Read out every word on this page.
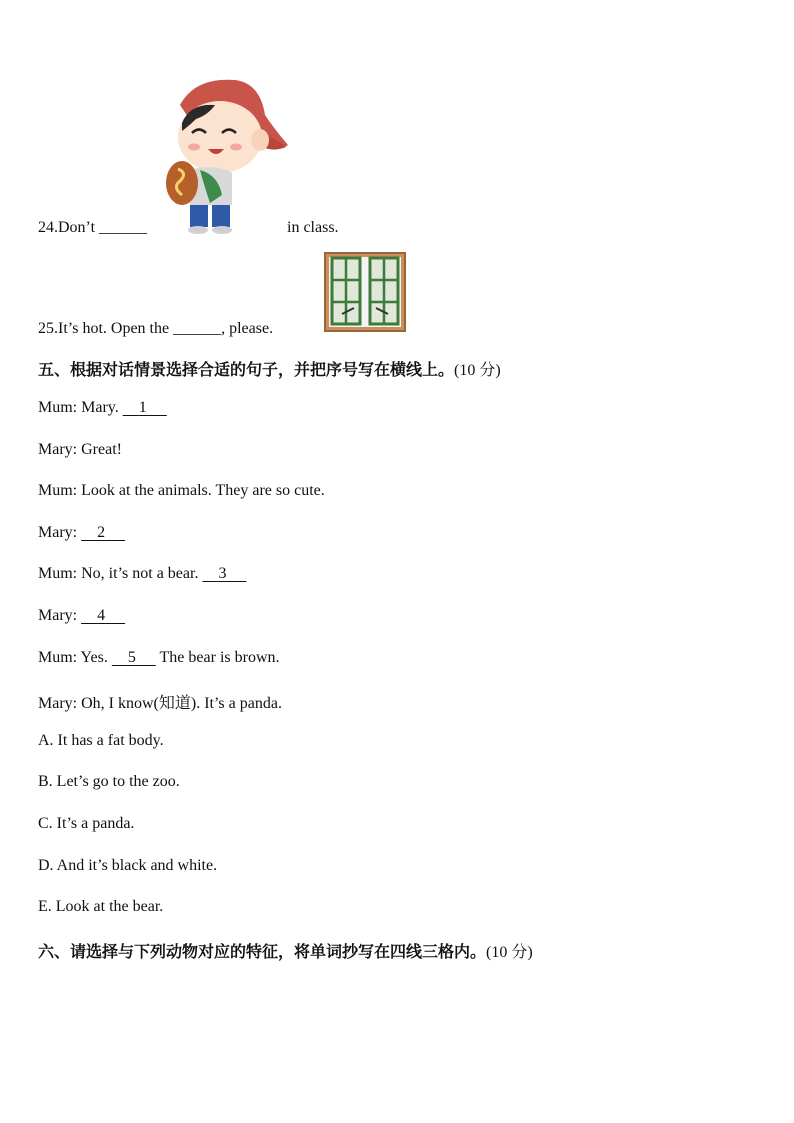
24.Don’t ______	in class.
25.It’s hot. Open the ______, please.
五、根据对话情景选择合适的句子，并把序号写在横线上。(10 分)
Mum: Mary. 1
Mary: Great!
Mum: Look at the animals. They are so cute.
Mary: 2
Mum: No, it’s not a bear. 3
Mary: 4
Mum: Yes. 5 The bear is brown.
Mary: Oh, I know(知道). It’s a panda.
A. It has a fat body.
B. Let’s go to the zoo.
C. It’s a panda.
D. And it’s black and white.
E. Look at the bear.
六、请选择与下列动物对应的特征，将单词抄写在四线三格内。(10 分)
